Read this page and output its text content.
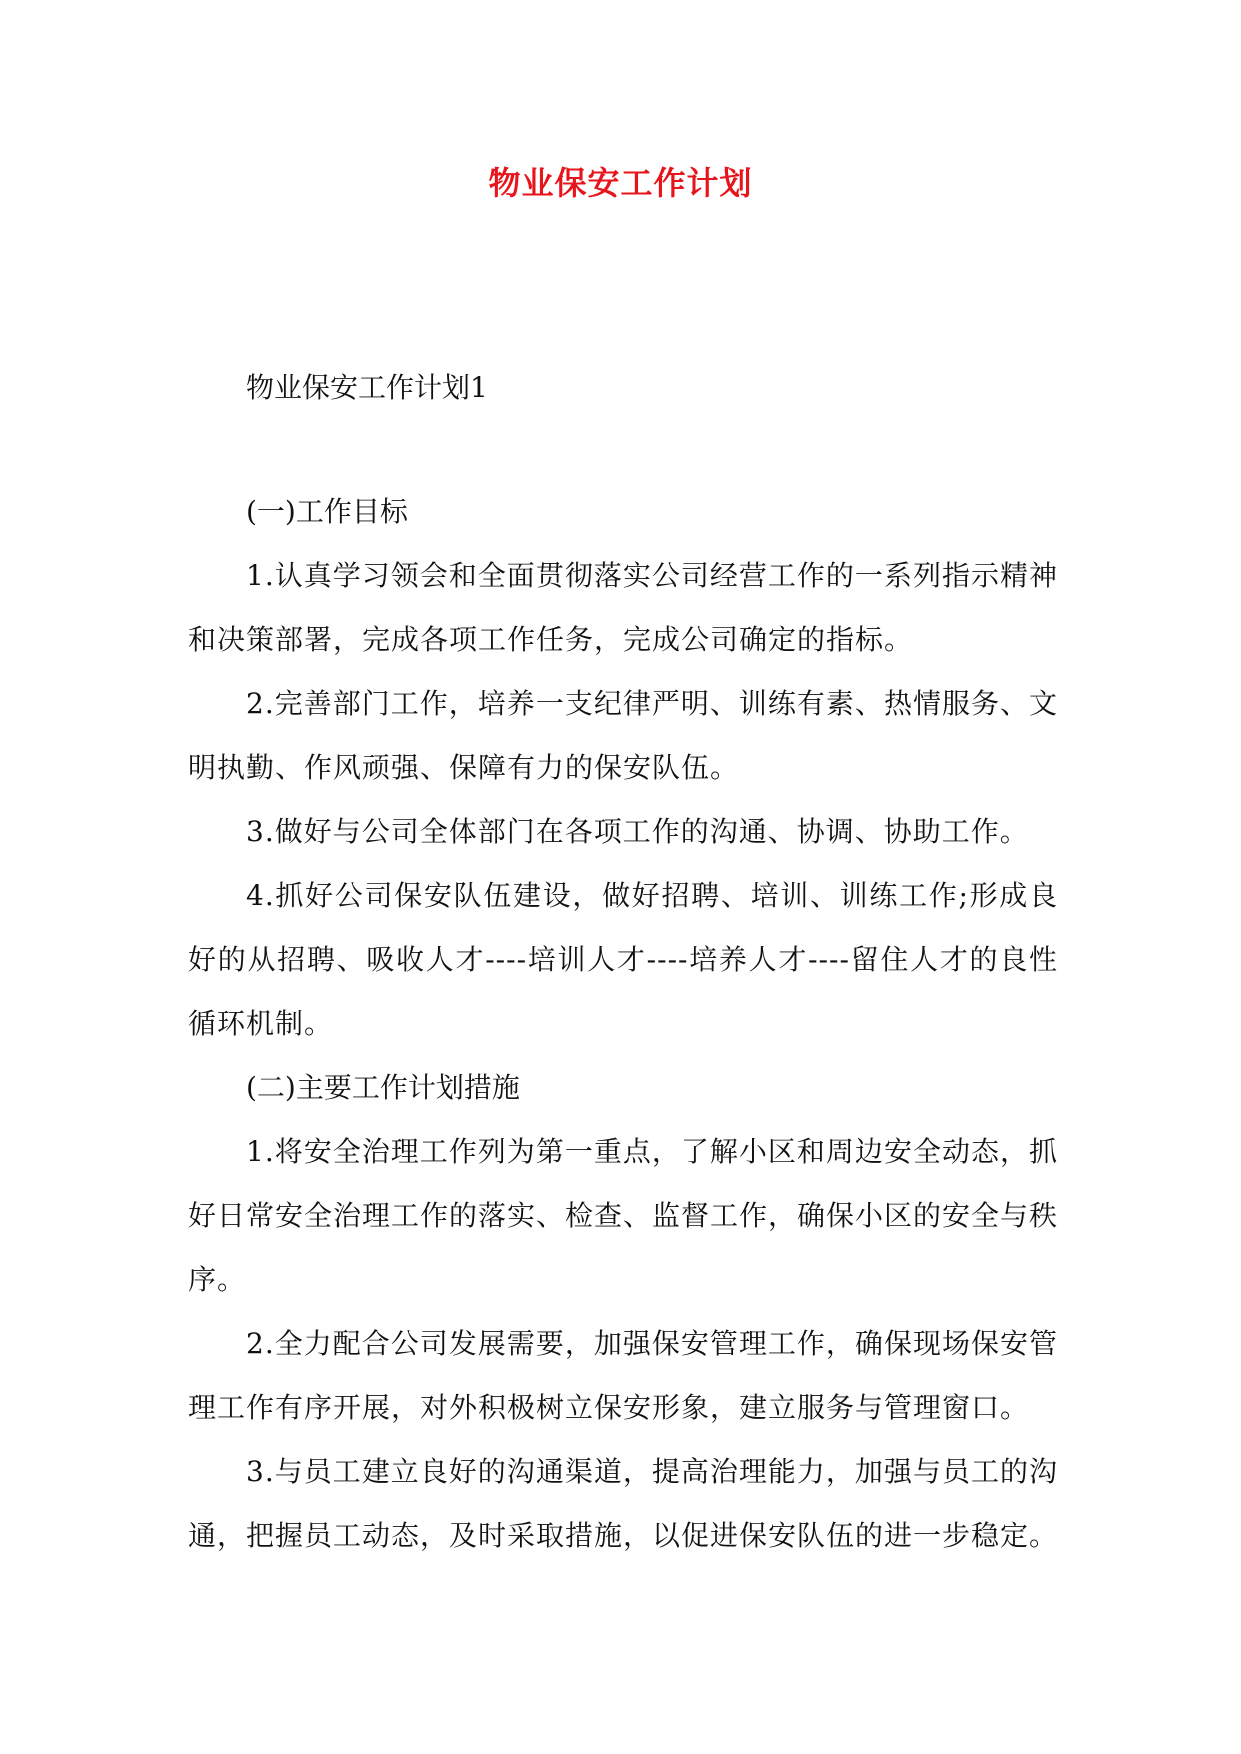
物业保安工作计划

物业保安工作计划1

(一)工作目标

1.认真学习领会和全面贯彻落实公司经营工作的一系列指示精神和决策部署，完成各项工作任务，完成公司确定的指标。

2.完善部门工作，培养一支纪律严明、训练有素、热情服务、文明执勤、作风顽强、保障有力的保安队伍。

3.做好与公司全体部门在各项工作的沟通、协调、协助工作。

4.抓好公司保安队伍建设，做好招聘、培训、训练工作;形成良好的从招聘、吸收人才----培训人才----培养人才----留住人才的良性循环机制。

(二)主要工作计划措施

1.将安全治理工作列为第一重点，了解小区和周边安全动态，抓好日常安全治理工作的落实、检查、监督工作，确保小区的安全与秩序。

2.全力配合公司发展需要，加强保安管理工作，确保现场保安管理工作有序开展，对外积极树立保安形象，建立服务与管理窗口。

3.与员工建立良好的沟通渠道，提高治理能力，加强与员工的沟通，把握员工动态，及时采取措施，以促进保安队伍的进一步稳定。
